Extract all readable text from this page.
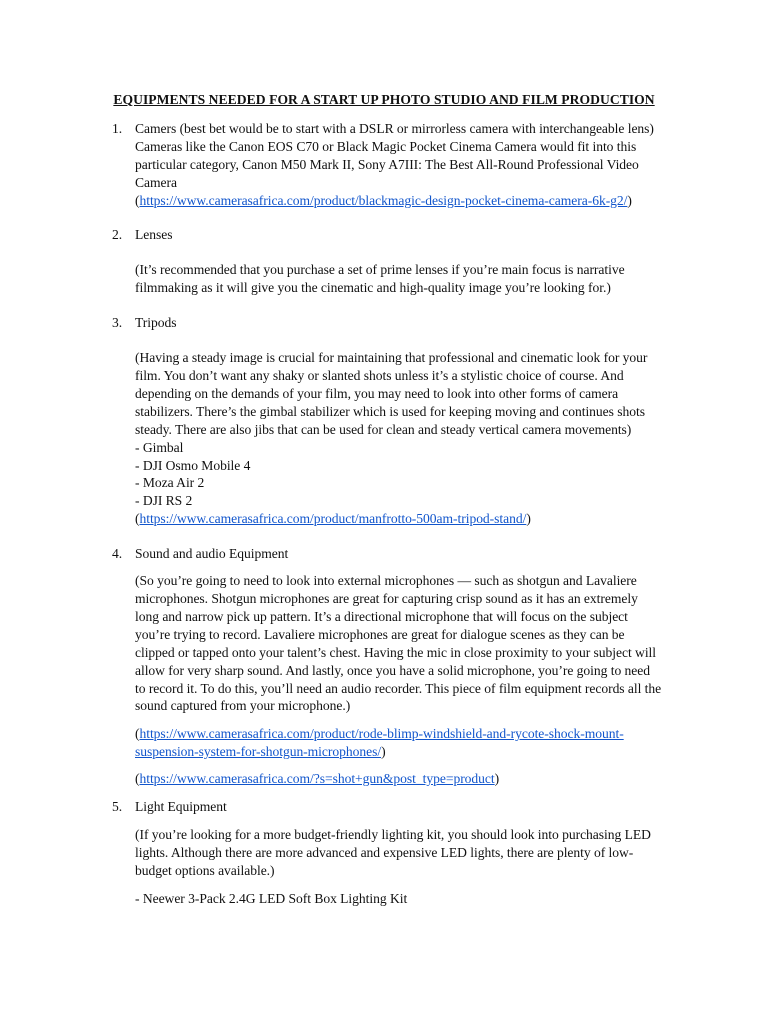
EQUIPMENTS NEEDED FOR A START UP PHOTO STUDIO AND FILM PRODUCTION
1. Camers (best bet would be to start with a DSLR or mirrorless camera with interchangeable lens)
Cameras like the Canon EOS C70 or Black Magic Pocket Cinema Camera would fit into this
particular category, Canon M50 Mark II, Sony A7III: The Best All-Round Professional Video
Camera
(https://www.camerasafrica.com/product/blackmagic-design-pocket-cinema-camera-6k-g2/)
2. Lenses
(It’s recommended that you purchase a set of prime lenses if you’re main focus is narrative
filmmaking as it will give you the cinematic and high-quality image you’re looking for.)
3. Tripods
(Having a steady image is crucial for maintaining that professional and cinematic look for your
film. You don’t want any shaky or slanted shots unless it’s a stylistic choice of course. And
depending on the demands of your film, you may need to look into other forms of camera
stabilizers. There’s the gimbal stabilizer which is used for keeping moving and continues shots
steady. There are also jibs that can be used for clean and steady vertical camera movements)
- Gimbal
- DJI Osmo Mobile 4
- Moza Air 2
- DJI RS 2
(https://www.camerasafrica.com/product/manfrotto-500am-tripod-stand/)
4. Sound and audio Equipment
(So you’re going to need to look into external microphones — such as shotgun and Lavaliere
microphones. Shotgun microphones are great for capturing crisp sound as it has an extremely
long and narrow pick up pattern. It’s a directional microphone that will focus on the subject
you’re trying to record. Lavaliere microphones are great for dialogue scenes as they can be
clipped or tapped onto your talent’s chest. Having the mic in close proximity to your subject will
allow for very sharp sound. And lastly, once you have a solid microphone, you’re going to need
to record it. To do this, you’ll need an audio recorder. This piece of film equipment records all the
sound captured from your microphone.)
(https://www.camerasafrica.com/product/rode-blimp-windshield-and-rycote-shock-mount-
suspension-system-for-shotgun-microphones/)
(https://www.camerasafrica.com/?s=shot+gun&post_type=product)
5. Light Equipment
(If you’re looking for a more budget-friendly lighting kit, you should look into purchasing LED
lights. Although there are more advanced and expensive LED lights, there are plenty of low-
budget options available.)
- Neewer 3-Pack 2.4G LED Soft Box Lighting Kit
